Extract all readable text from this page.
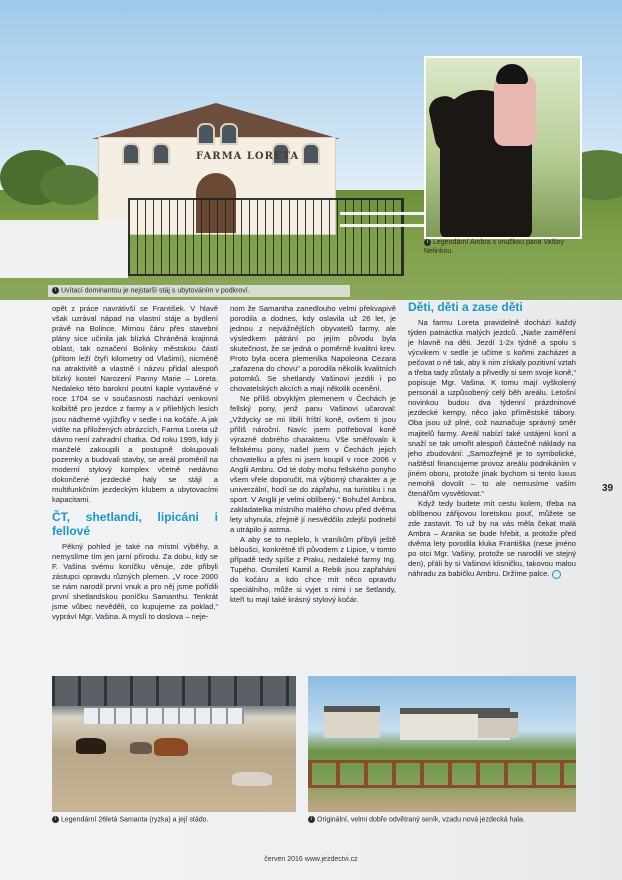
FARMA LORETA
i Uvítací dominantou je nejstarší stáj s ubytováním v podkroví.
i Legendární Ambra s vnučkou pana Vašiny Nelinkou.

opět z práce navrátivší se František. V hlavě však uzrával nápad na vlastní stáje a bydlení právě na Bolince. Mirnou čáru přes stavební plány sice učinila jak blízká Chráněná krajinná oblast, tak označení Bolinky městskou částí (přitom leží čtyři kilometry od Vlašimi), nicméně na atraktivitě a vlastně i názvu přidal alespoň blízký kostel Narození Panny Marie – Loreta. Nedaleko této barokní poutní kaple vystavěné v roce 1704 se v současnosti nachází venkovní kolbiště pro jezdce z farmy a v přilehlých lesích jsou nádherné vyjížďky v sedle i na kočáře. A jak vidíte na přiložených obrázcích, Farma Loreta už dávno není zahradní chatka. Od roku 1995, kdy ji manželé zakoupili a postupně dokupovali pozemky a budovali stavby, se areál proměnil na moderní stylový komplex včetně nedávno dokončené jezdecké haly se stájí a multifunkčním jezdeckým klubem a ubytovacími kapacitami.

ČT, shetlandi, lipicáni i fellové

Pěkný pohled je také na místní výběhy, a nemyslíme tím jen jarní přírodu. Za dobu, kdy se F. Vašina svému koníčku věnuje, zde přibyli zástupci opravdu různých plemen. „V roce 2000 se nám narodil první vnuk a pro něj jsme pořídili první shetlandskou poníčku Samanthu. Tenkrát jsme vůbec nevěděli, co kupujeme za poklad,“ vypráví Mgr. Vašina. A myslí to doslova – neje-

nom že Samantha zanedlouho velmi překvapivě porodila a dodnes, kdy oslavila už 26 let, je jednou z nejvážnějších obyvatelů farmy, ale výsledkem pátrání po jejím původu byla skutečnost, že se jedná o poměrně kvalitní krev. Proto byla ocera plemeníka Napoleona Cezara „zařazena do chovu“ a porodila několik kvalitních potomků. Se shetlandy Vašinovi jezdili i po chovatelských akcích a mají několik ocenění.

Ne příliš obvyklým plemenem v Čechách je fellský pony, jenž panu Vašinovi učaroval: „Vždycky se mi líbili fríští koně, ovšem ti jsou příliš nároční. Navíc jsem potřeboval koně výrazně dobrého charakteru. Vše směřovalo k fellskému pony, našel jsem v Čechách jejich chovatelku a přes ni jsem koupil v roce 2006 v Anglii Ambru. Od té doby mohu fellského ponyho všem vřele doporučit, má výborný charakter a je univerzální, hodí se do zápřahu, na turistiku i na sport. V Anglii je velmi oblíbený.“ Bohužel Ambra, zakladatelka místního malého chovu před dvěma lety uhynula, zřejmě jí nesvědčilo zdejší podnebí a utrápilo ji astma.

A aby se to neplelo, k vraníkům přibyli ještě běloušci, konkrétně tři původem z Lipice, v tomto případě tedy spíše z Praku, nedaleké farmy Ing. Tupého. Osmiletí Kamil a Rebik jsou zapřaháni do kočáru a kdo chce mít něco opravdu speciálního, může si vyjet s nimi i se šetlandy, kteří tu mají také krásný stylový kočár.

Děti, děti a zase děti

Na farmu Loreta pravidelně dochází každý týden patnáctka malých jezdců. „Naše zaměření je hlavně na děti. Jezdí 1-2x týdně a spolu s výcvikem v sedle je učíme s koňmi zacházet a pečovat o ně tak, aby k nim získaly pozitivní vztah a třeba tady zůstaly a přivedly si sem svoje koně,“ popisuje Mgr. Vašina. K tomu mají vyškolený personál a uzpůsobený celý běh areálu. Letošní novinkou budou dva týdenní prázdninové jezdecké kempy, něco jako příměstské tábory. Oba jsou už plné, což naznačuje správný směr majitelů farmy. Areál nabízí také ustájení koní a snaží se tak umořit alespoň částečně náklady na jeho zbudování: „Samozřejmě je to symbolické, naštěstí financujeme provoz areálu podnikáním v jiném oboru, protože jinak bychom si tento luxus nemohli dovolit – to ale nemusíme vaším čtenářům vysvětlovat.“

Když tedy budete mít cestu kolem, třeba na oblíbenou zářijovou loretskou pouť, můžete se zde zastavit. To už by na vás měla čekat malá Ambra – Aranka se bude hřebit, a protože před dvěma lety porodila kluka Františka (nese jméno po otci Mgr. Vašiny, protože se narodili ve stejný den), přáli by si Vašinovi klisničku, takovou malou náhradu za babičku Ambru. Držíme palce.

39
i Legendární 26letá Samanta (ryzka) a její stádo.	i Originální, velmi dobře odvětraný seník, vzadu nová jezdecká hala.
červen 2016 www.jezdectvi.cz
